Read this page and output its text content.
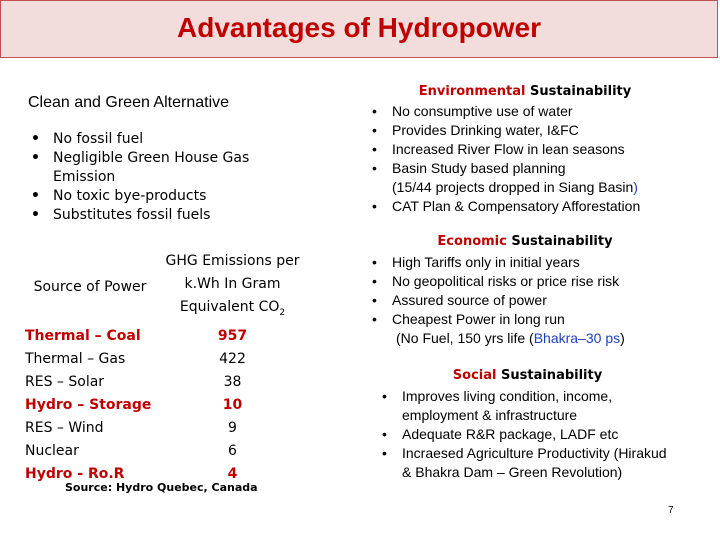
Advantages of Hydropower
Clean and Green Alternative
• No fossil fuel
• Negligible Green House Gas Emission
• No toxic bye-products
• Substitutes fossil fuels
Source of Power	GHG Emissions per k.Wh In Gram Equivalent $CO_2$
Thermal – Coal	957
Thermal – Gas	422
RES – Solar	38
Hydro – Storage	10
RES – Wind	9
Nuclear	6
Hydro - Ro.R	4
Source: Hydro Quebec, Canada
Environmental Sustainability
• No consumptive use of water
• Provides Drinking water, I&FC
• Increased River Flow in lean seasons
• Basin Study based planning
(15/44 projects dropped in Siang Basin)
• CAT Plan & Compensatory Afforestation
Economic Sustainability
• High Tariffs only in initial years
• No geopolitical risks or price rise risk
• Assured source of power
• Cheapest Power in long run
(No Fuel, 150 yrs life (Bhakra–30 ps)
Social Sustainability
• Improves living condition, income, employment & infrastructure
• Adequate R&R package, LADF etc
• Incraesed Agriculture Productivity (Hirakud & Bhakra Dam – Green Revolution)
7
